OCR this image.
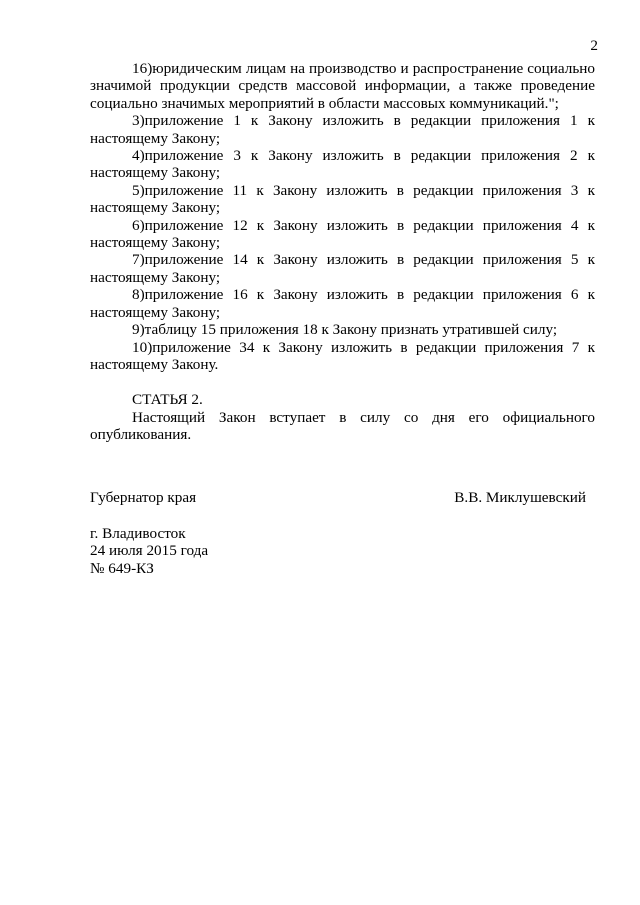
2

16)юридическим лицам на производство и распространение социально значимой продукции средств массовой информации, а также проведение социально значимых мероприятий в области массовых коммуникаций.";

3)приложение 1 к Закону изложить в редакции приложения 1 к настоящему Закону;

4)приложение 3 к Закону изложить в редакции приложения 2 к настоящему Закону;

5)приложение 11 к Закону изложить в редакции приложения 3 к настоящему Закону;

6)приложение 12 к Закону изложить в редакции приложения 4 к настоящему Закону;

7)приложение 14 к Закону изложить в редакции приложения 5 к настоящему Закону;

8)приложение 16 к Закону изложить в редакции приложения 6 к настоящему Закону;

9)таблицу 15 приложения 18 к Закону признать утратившей силу;

10)приложение 34 к Закону изложить в редакции приложения 7 к настоящему Закону.

СТАТЬЯ 2.

Настоящий Закон вступает в силу со дня его официального опубликования.

Губернатор края	В.В. Миклушевский
г. Владивосток
24 июля 2015 года
№ 649-КЗ
